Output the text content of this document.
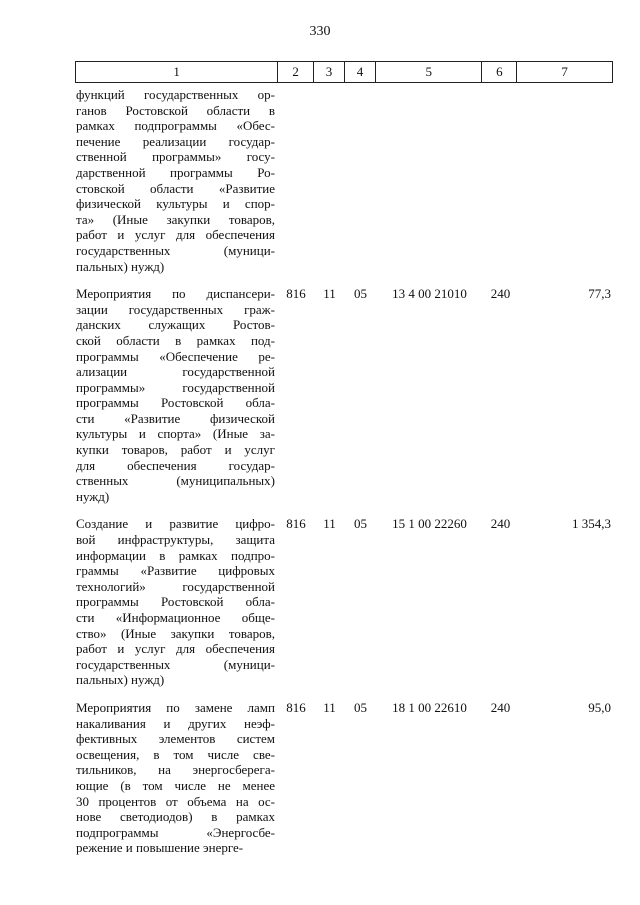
330
1	2	3	4	5	6	7
функций государственных ор-
ганов Ростовской области в
рамках подпрограммы «Обес-
печение реализации государ-
ственной программы» госу-
дарственной программы Ро-
стовской области «Развитие
физической культуры и спор-
та» (Иные закупки товаров,
работ и услуг для обеспечения
государственных (муници-
пальных) нужд)
Мероприятия по диспансери-
зации государственных граж-
данских служащих Ростов-
ской области в рамках под-
программы «Обеспечение ре-
ализации государственной
программы» государственной
программы Ростовской обла-
сти «Развитие физической
культуры и спорта» (Иные за-
купки товаров, работ и услуг
для обеспечения государ-
ственных (муниципальных)
нужд)
816	11	05	13 4 00 21010	240	77,3
Создание и развитие цифро-
вой инфраструктуры, защита
информации в рамках подпро-
граммы «Развитие цифровых
технологий» государственной
программы Ростовской обла-
сти «Информационное обще-
ство» (Иные закупки товаров,
работ и услуг для обеспечения
государственных (муници-
пальных) нужд)
816	11	05	15 1 00 22260	240	1 354,3
Мероприятия по замене ламп
накаливания и других неэф-
фективных элементов систем
освещения, в том числе све-
тильников, на энергосберега-
ющие (в том числе не менее
30 процентов от объема на ос-
нове светодиодов) в рамках
подпрограммы «Энергосбе-
режение и повышение энерге-
816	11	05	18 1 00 22610	240	95,0
